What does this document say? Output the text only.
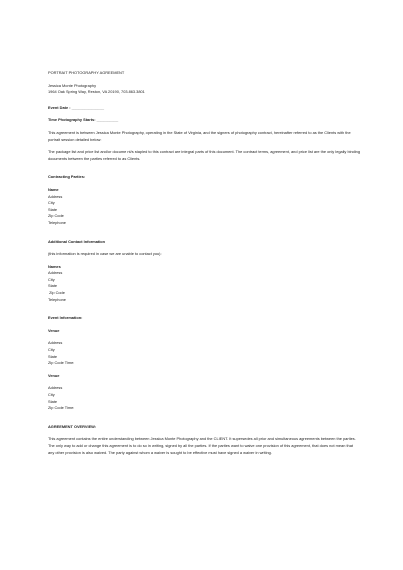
PORTRAIT PHOTOGRAPHY AGREEMENT
Jessica Monte Photography
1964 Oak Spring Way, Reston, VA 20190, 703.863.3801
Event Date : _______________
Time Photography Starts: __________
This agreement is between Jessica Monte Photography, operating in the State of Virginia, and the signers of photography contract, hereinafter referred to as the Clients with the portrait session detailed below:
The package list and price list and/or docume nt/s stapled to this contract are integral parts of this document. The contract terms, agreement, and price list are the only legally binding documents between the parties referred to as Clients.
Contracting Parties:
Name
Address
City
State
Zip Code
Telephone
Additional Contact Information
(this information is required in case we are unable to contact you):
Names
Address
City
State
Zip Code
Telephone
Event Information:
Venue
Address
City
State
Zip Code Time:
Venue
Address
City
State
Zip Code Time:
AGREEMENT OVERVIEW:
This agreement contains the entire understanding between Jessica Monte Photography and the CLIENT. It supersedes all prior and simultaneous agreements between the parties. The only way to add or change this agreement is to do so in writing, signed by all the parties. If the parties want to waive one provision of this agreement, that does not mean that any other provision is also waived. The party against whom a waiver is sought to be effective must have signed a waiver in writing.
